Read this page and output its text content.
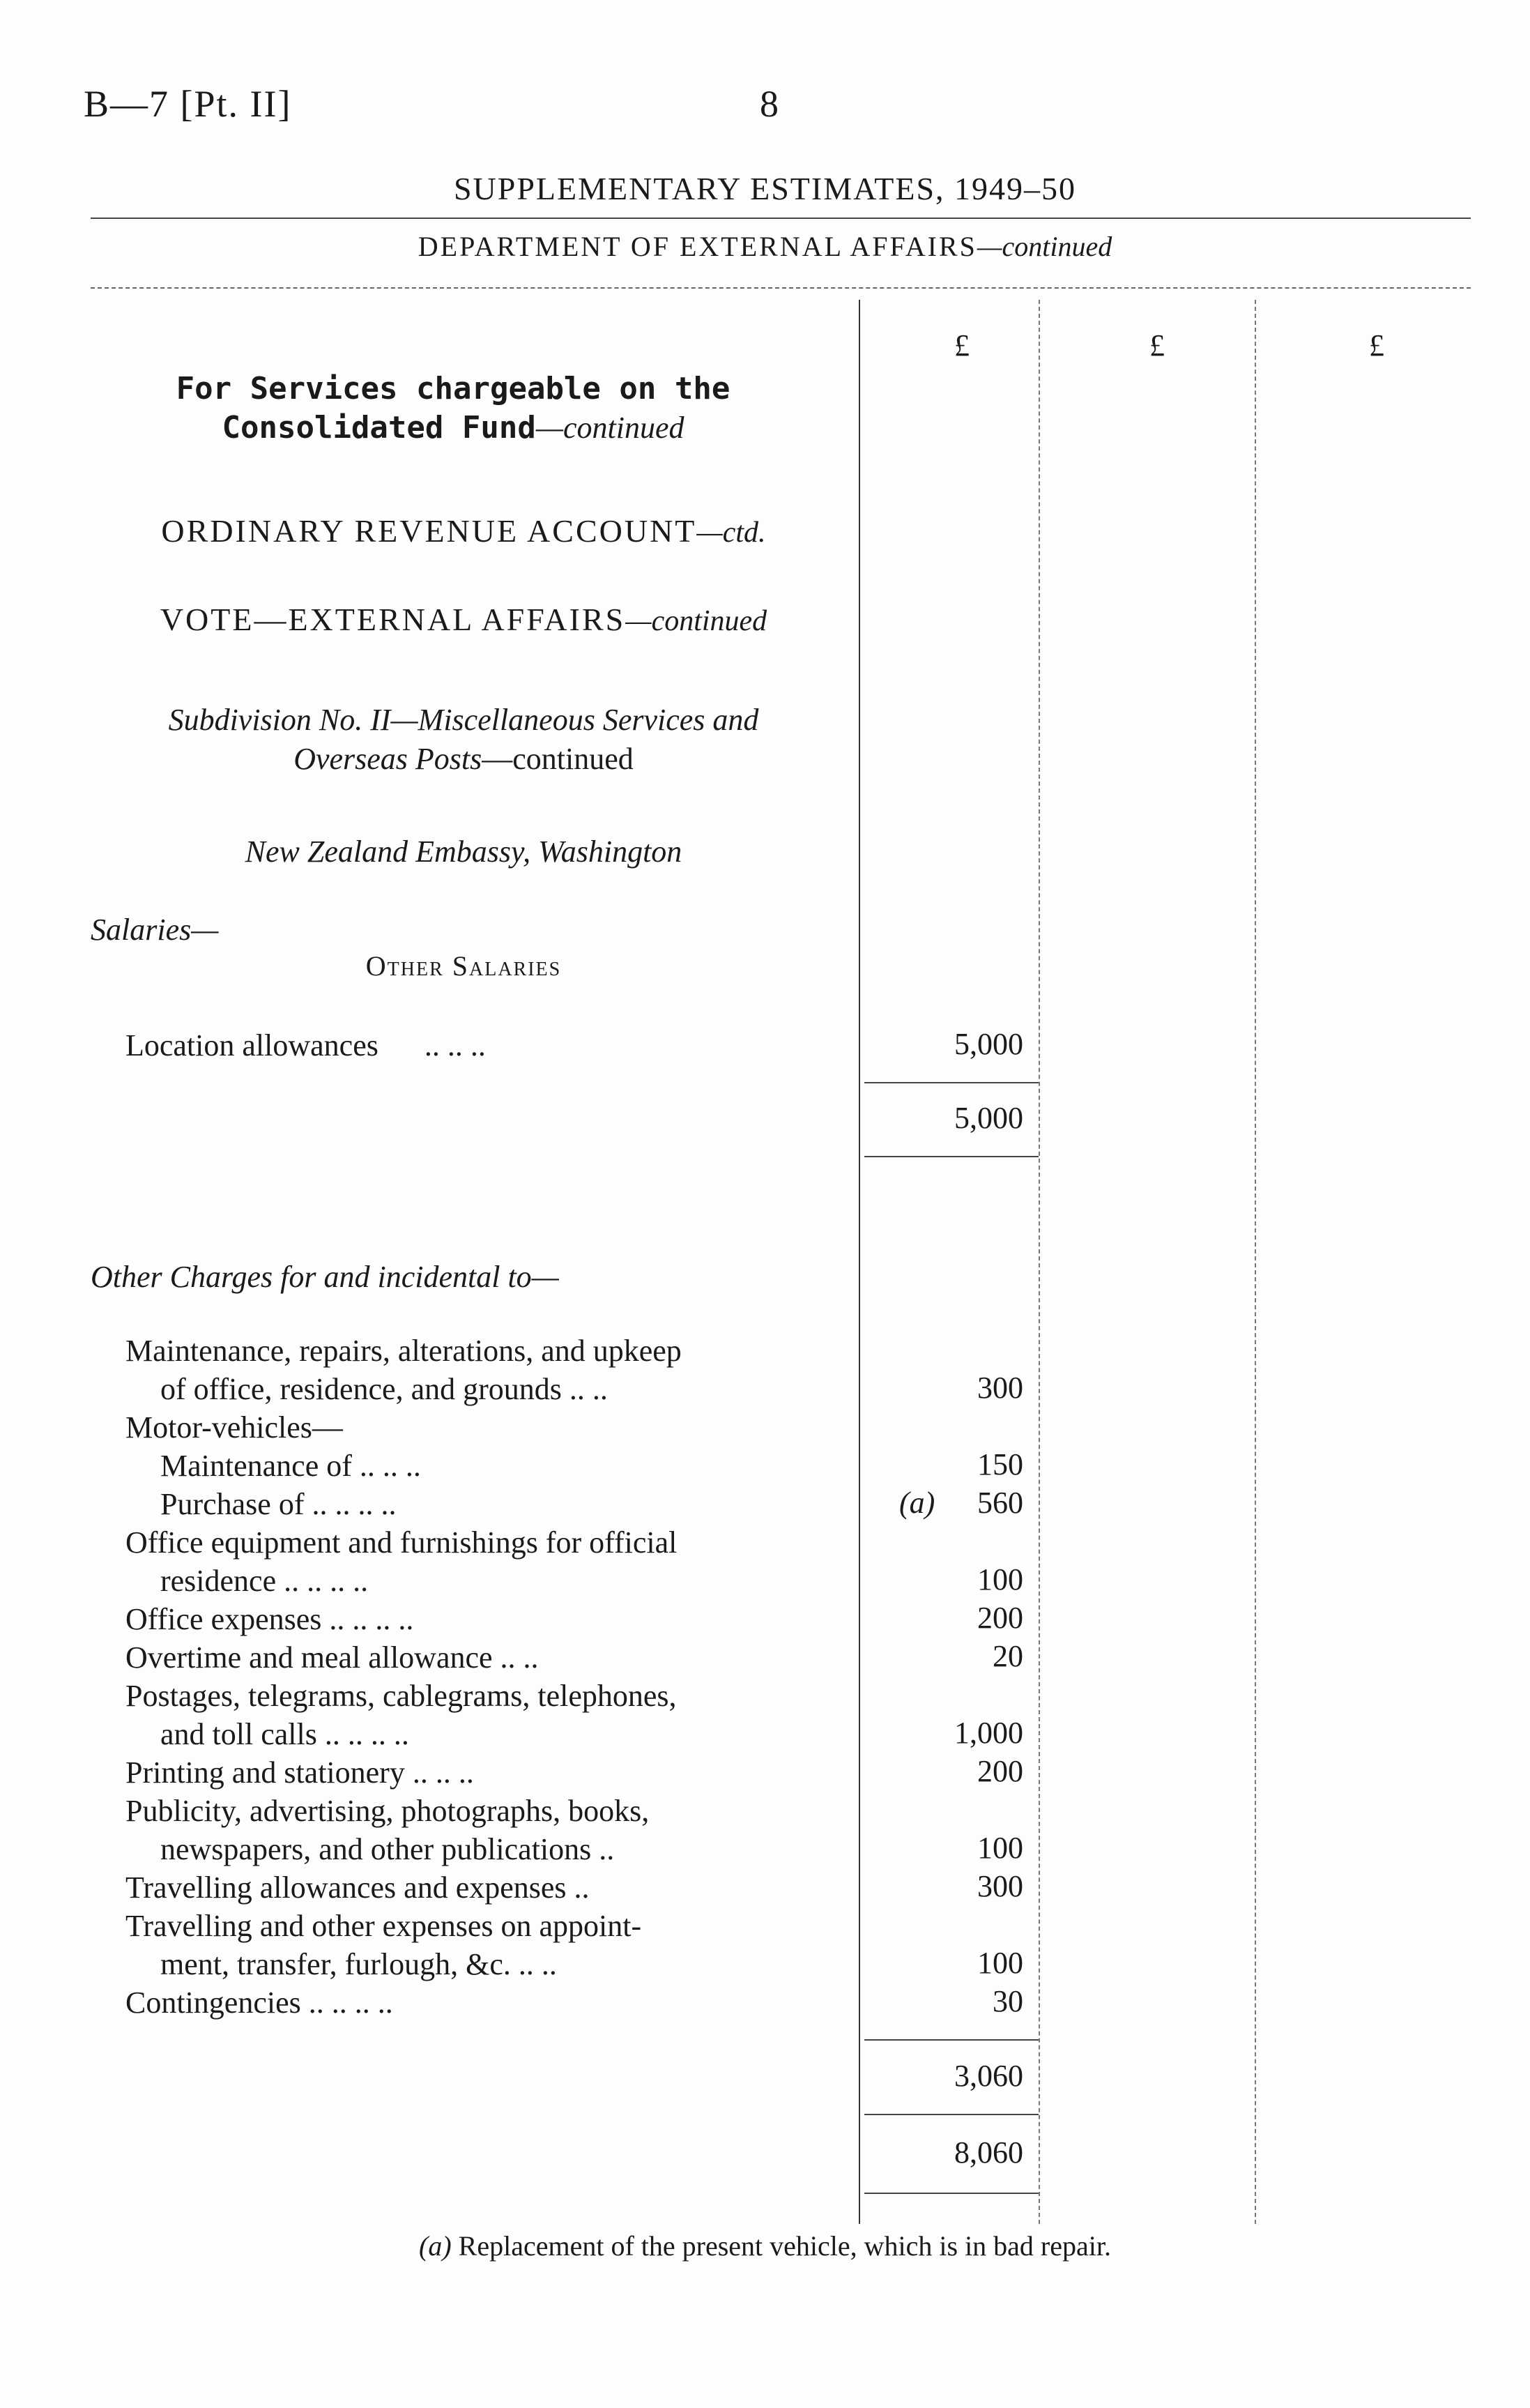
B—7 [Pt. II]	8
SUPPLEMENTARY ESTIMATES, 1949–50
DEPARTMENT OF EXTERNAL AFFAIRS—continued
£	£	£
For Services chargeable on the
Consolidated Fund—continued
ORDINARY REVENUE ACCOUNT—ctd.
VOTE—EXTERNAL AFFAIRS—continued
Subdivision No. II—Miscellaneous Services and
Overseas Posts—continued
New Zealand Embassy, Washington
Salaries—
Other Salaries
Location allowances .. .. ..	5,000
5,000
Other Charges for and incidental to—
Maintenance, repairs, alterations, and upkeep
of office, residence, and grounds .. ..	300
Motor-vehicles—
Maintenance of .. .. ..	150
Purchase of .. .. .. ..	(a)	560
Office equipment and furnishings for official
residence .. .. .. ..	100
Office expenses .. .. .. ..	200
Overtime and meal allowance .. ..	20
Postages, telegrams, cablegrams, telephones,
and toll calls .. .. .. ..	1,000
Printing and stationery .. .. ..	200
Publicity, advertising, photographs, books,
newspapers, and other publications ..	100
Travelling allowances and expenses ..	300
Travelling and other expenses on appoint-
ment, transfer, furlough, &c. .. ..	100
Contingencies .. .. .. ..	30
3,060
8,060
(a) Replacement of the present vehicle, which is in bad repair.
